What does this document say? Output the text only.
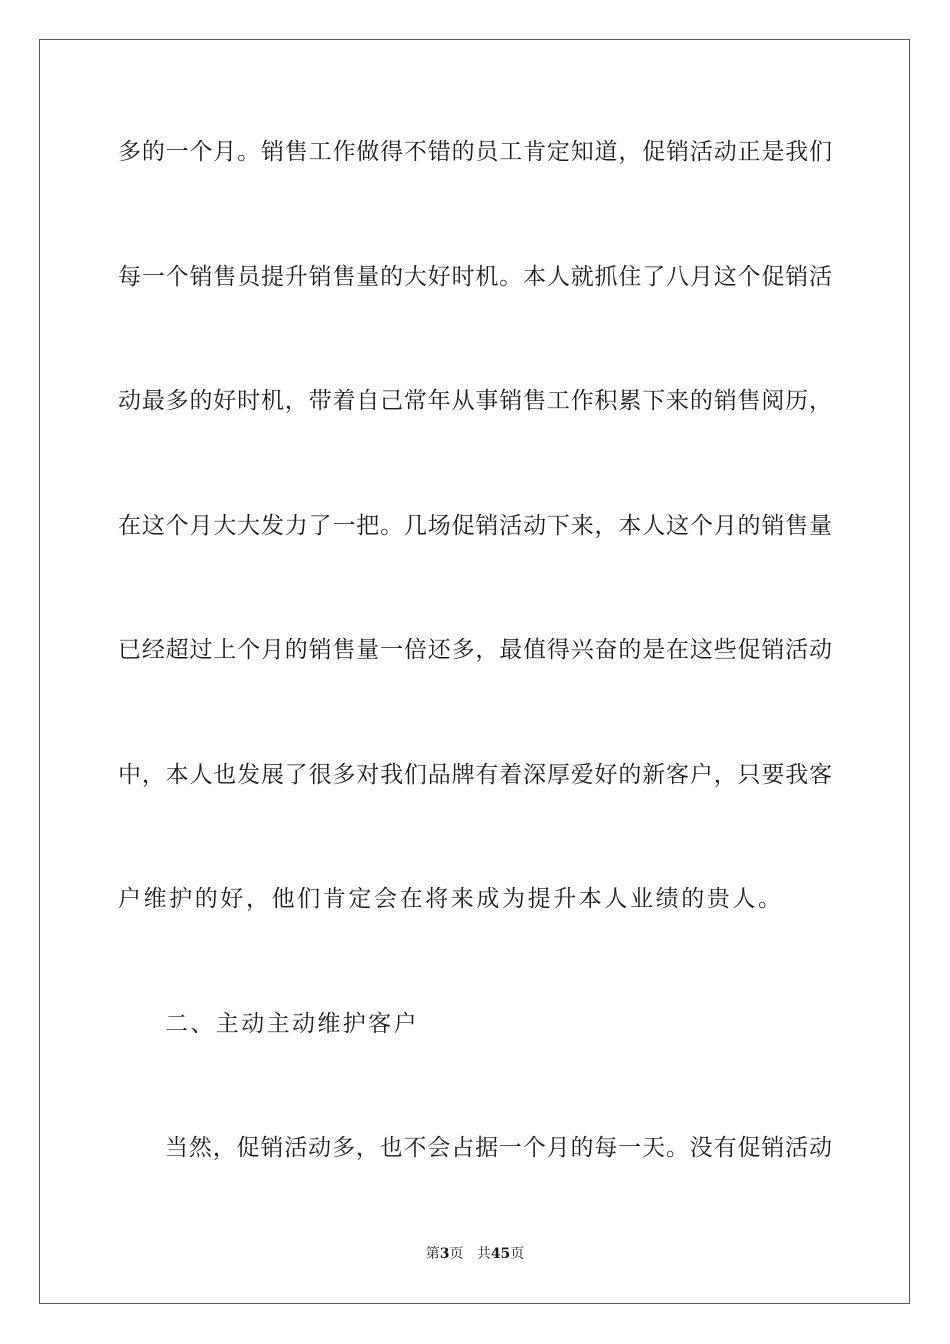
多的一个月。销售工作做得不错的员工肯定知道，促销活动正是我们
每一个销售员提升销售量的大好时机。本人就抓住了八月这个促销活
动最多的好时机，带着自己常年从事销售工作积累下来的销售阅历，
在这个月大大发力了一把。几场促销活动下来，本人这个月的销售量
已经超过上个月的销售量一倍还多，最值得兴奋的是在这些促销活动
中，本人也发展了很多对我们品牌有着深厚爱好的新客户，只要我客
户维护的好，他们肯定会在将来成为提升本人业绩的贵人。
二、主动主动维护客户
当然，促销活动多，也不会占据一个月的每一天。没有促销活动
第3页 共45页
